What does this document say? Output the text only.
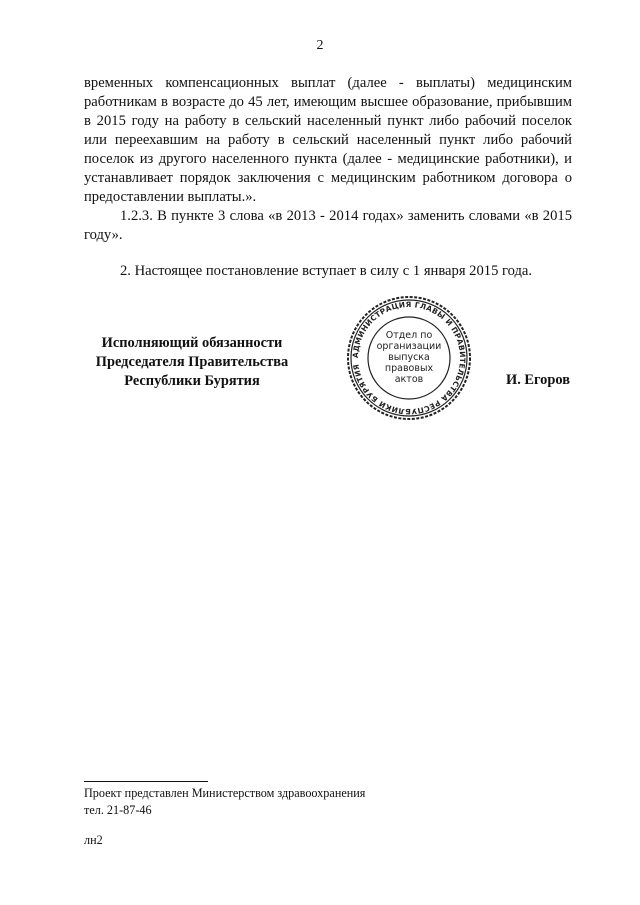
2

временных компенсационных выплат (далее - выплаты) медицинским работникам в возрасте до 45 лет, имеющим высшее образование, прибывшим в 2015 году на работу в сельский населенный пункт либо рабочий поселок или переехавшим на работу в сельский населенный пункт либо рабочий поселок из другого населенного пункта (далее - медицинские работники), и устанавливает порядок заключения с медицинским работником договора о предоставлении выплаты.».

1.2.3. В пункте 3 слова «в 2013 - 2014 годах» заменить словами «в 2015 году».

2. Настоящее постановление вступает в силу с 1 января 2015 года.

Исполняющий обязанности
Председателя Правительства
Республики Бурятия
АДМИНИСТРАЦИЯ ГЛАВЫ И ПРАВИТЕЛЬСТВА РЕСПУБЛИКИ БУРЯТИЯ
Отдел по
организации
выпуска
правовых
актов	И. Егоров
Проект представлен Министерством здравоохранения
тел. 21-87-46
лн2
